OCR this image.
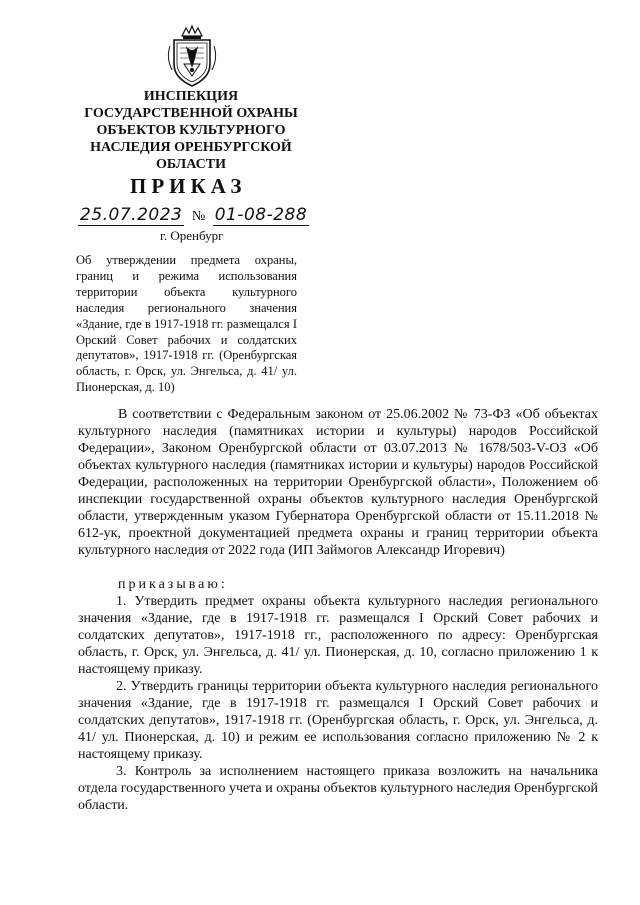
ИНСПЕКЦИЯ
ГОСУДАРСТВЕННОЙ ОХРАНЫ
ОБЪЕКТОВ КУЛЬТУРНОГО
НАСЛЕДИЯ ОРЕНБУРГСКОЙ
ОБЛАСТИ
ПРИКАЗ
25.07.2023 № 01-08-288
г. Оренбург
Об утверждении предмета охраны, границ и режима использования территории объекта культурного наследия регионального значения «Здание, где в 1917-1918 гг. размещался I Орский Совет рабочих и солдатских депутатов», 1917-1918 гг. (Оренбургская область, г. Орск, ул. Энгельса, д. 41/ ул. Пионерская, д. 10)

В соответствии с Федеральным законом от 25.06.2002 № 73-ФЗ «Об объектах культурного наследия (памятниках истории и культуры) народов Российской Федерации», Законом Оренбургской области от 03.07.2013 № 1678/503-V-ОЗ «Об объектах культурного наследия (памятниках истории и культуры) народов Российской Федерации, расположенных на территории Оренбургской области», Положением об инспекции государственной охраны объектов культурного наследия Оренбургской области, утвержденным указом Губернатора Оренбургской области от 15.11.2018 № 612-ук, проектной документацией предмета охраны и границ территории объекта культурного наследия от 2022 года (ИП Займогов Александр Игоревич)

приказываю:

1. Утвердить предмет охраны объекта культурного наследия регионального значения «Здание, где в 1917-1918 гг. размещался I Орский Совет рабочих и солдатских депутатов», 1917-1918 гг., расположенного по адресу: Оренбургская область, г. Орск, ул. Энгельса, д. 41/ ул. Пионерская, д. 10, согласно приложению 1 к настоящему приказу.

2. Утвердить границы территории объекта культурного наследия регионального значения «Здание, где в 1917-1918 гг. размещался I Орский Совет рабочих и солдатских депутатов», 1917-1918 гг. (Оренбургская область, г. Орск, ул. Энгельса, д. 41/ ул. Пионерская, д. 10) и режим ее использования согласно приложению № 2 к настоящему приказу.

3. Контроль за исполнением настоящего приказа возложить на начальника отдела государственного учета и охраны объектов культурного наследия Оренбургской области.
